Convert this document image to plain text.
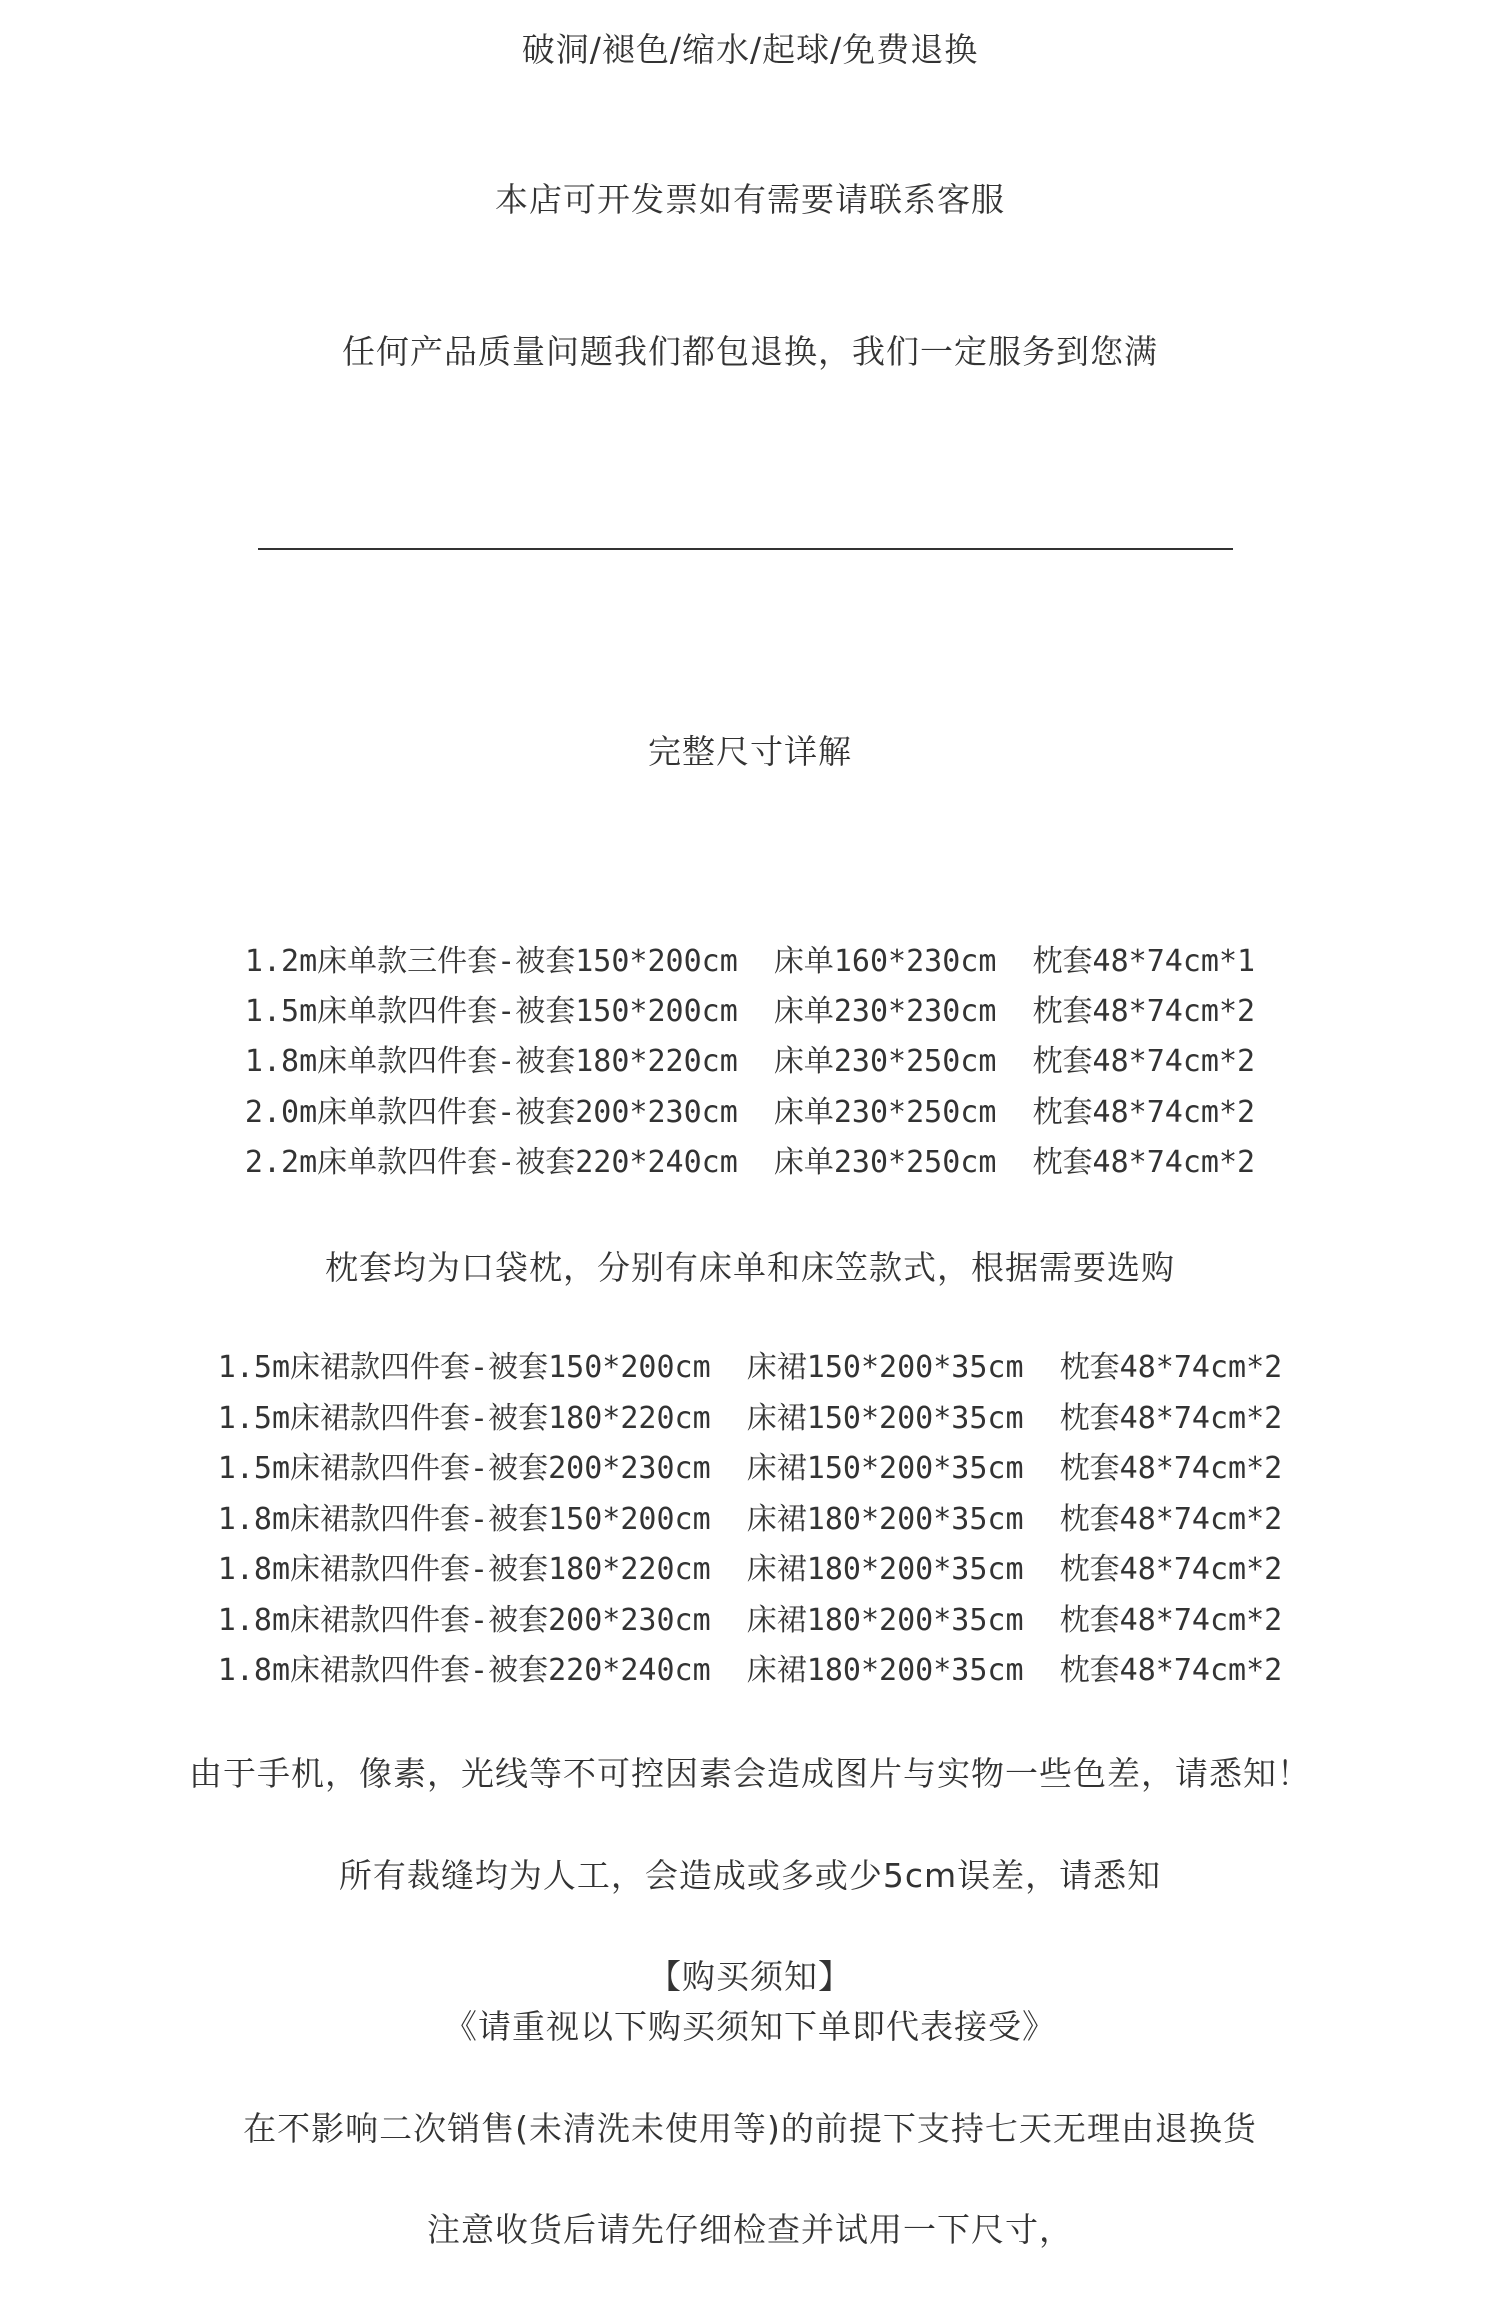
破洞/褪色/缩水/起球/免费退换
本店可开发票如有需要请联系客服
任何产品质量问题我们都包退换，我们一定服务到您满
完整尺寸详解
1.2m床单款三件套-被套150*200cm  床单160*230cm  枕套48*74cm*1
1.5m床单款四件套-被套150*200cm  床单230*230cm  枕套48*74cm*2
1.8m床单款四件套-被套180*220cm  床单230*250cm  枕套48*74cm*2
2.0m床单款四件套-被套200*230cm  床单230*250cm  枕套48*74cm*2
2.2m床单款四件套-被套220*240cm  床单230*250cm  枕套48*74cm*2
枕套均为口袋枕，分别有床单和床笠款式，根据需要选购
1.5m床裙款四件套-被套150*200cm  床裙150*200*35cm  枕套48*74cm*2
1.5m床裙款四件套-被套180*220cm  床裙150*200*35cm  枕套48*74cm*2
1.5m床裙款四件套-被套200*230cm  床裙150*200*35cm  枕套48*74cm*2
1.8m床裙款四件套-被套150*200cm  床裙180*200*35cm  枕套48*74cm*2
1.8m床裙款四件套-被套180*220cm  床裙180*200*35cm  枕套48*74cm*2
1.8m床裙款四件套-被套200*230cm  床裙180*200*35cm  枕套48*74cm*2
1.8m床裙款四件套-被套220*240cm  床裙180*200*35cm  枕套48*74cm*2
由于手机，像素，光线等不可控因素会造成图片与实物一些色差，请悉知！
所有裁缝均为人工，会造成或多或少5cm误差，请悉知
【购买须知】
《请重视以下购买须知下单即代表接受》
在不影响二次销售(未清洗未使用等)的前提下支持七天无理由退换货
注意收货后请先仔细检查并试用一下尺寸，
